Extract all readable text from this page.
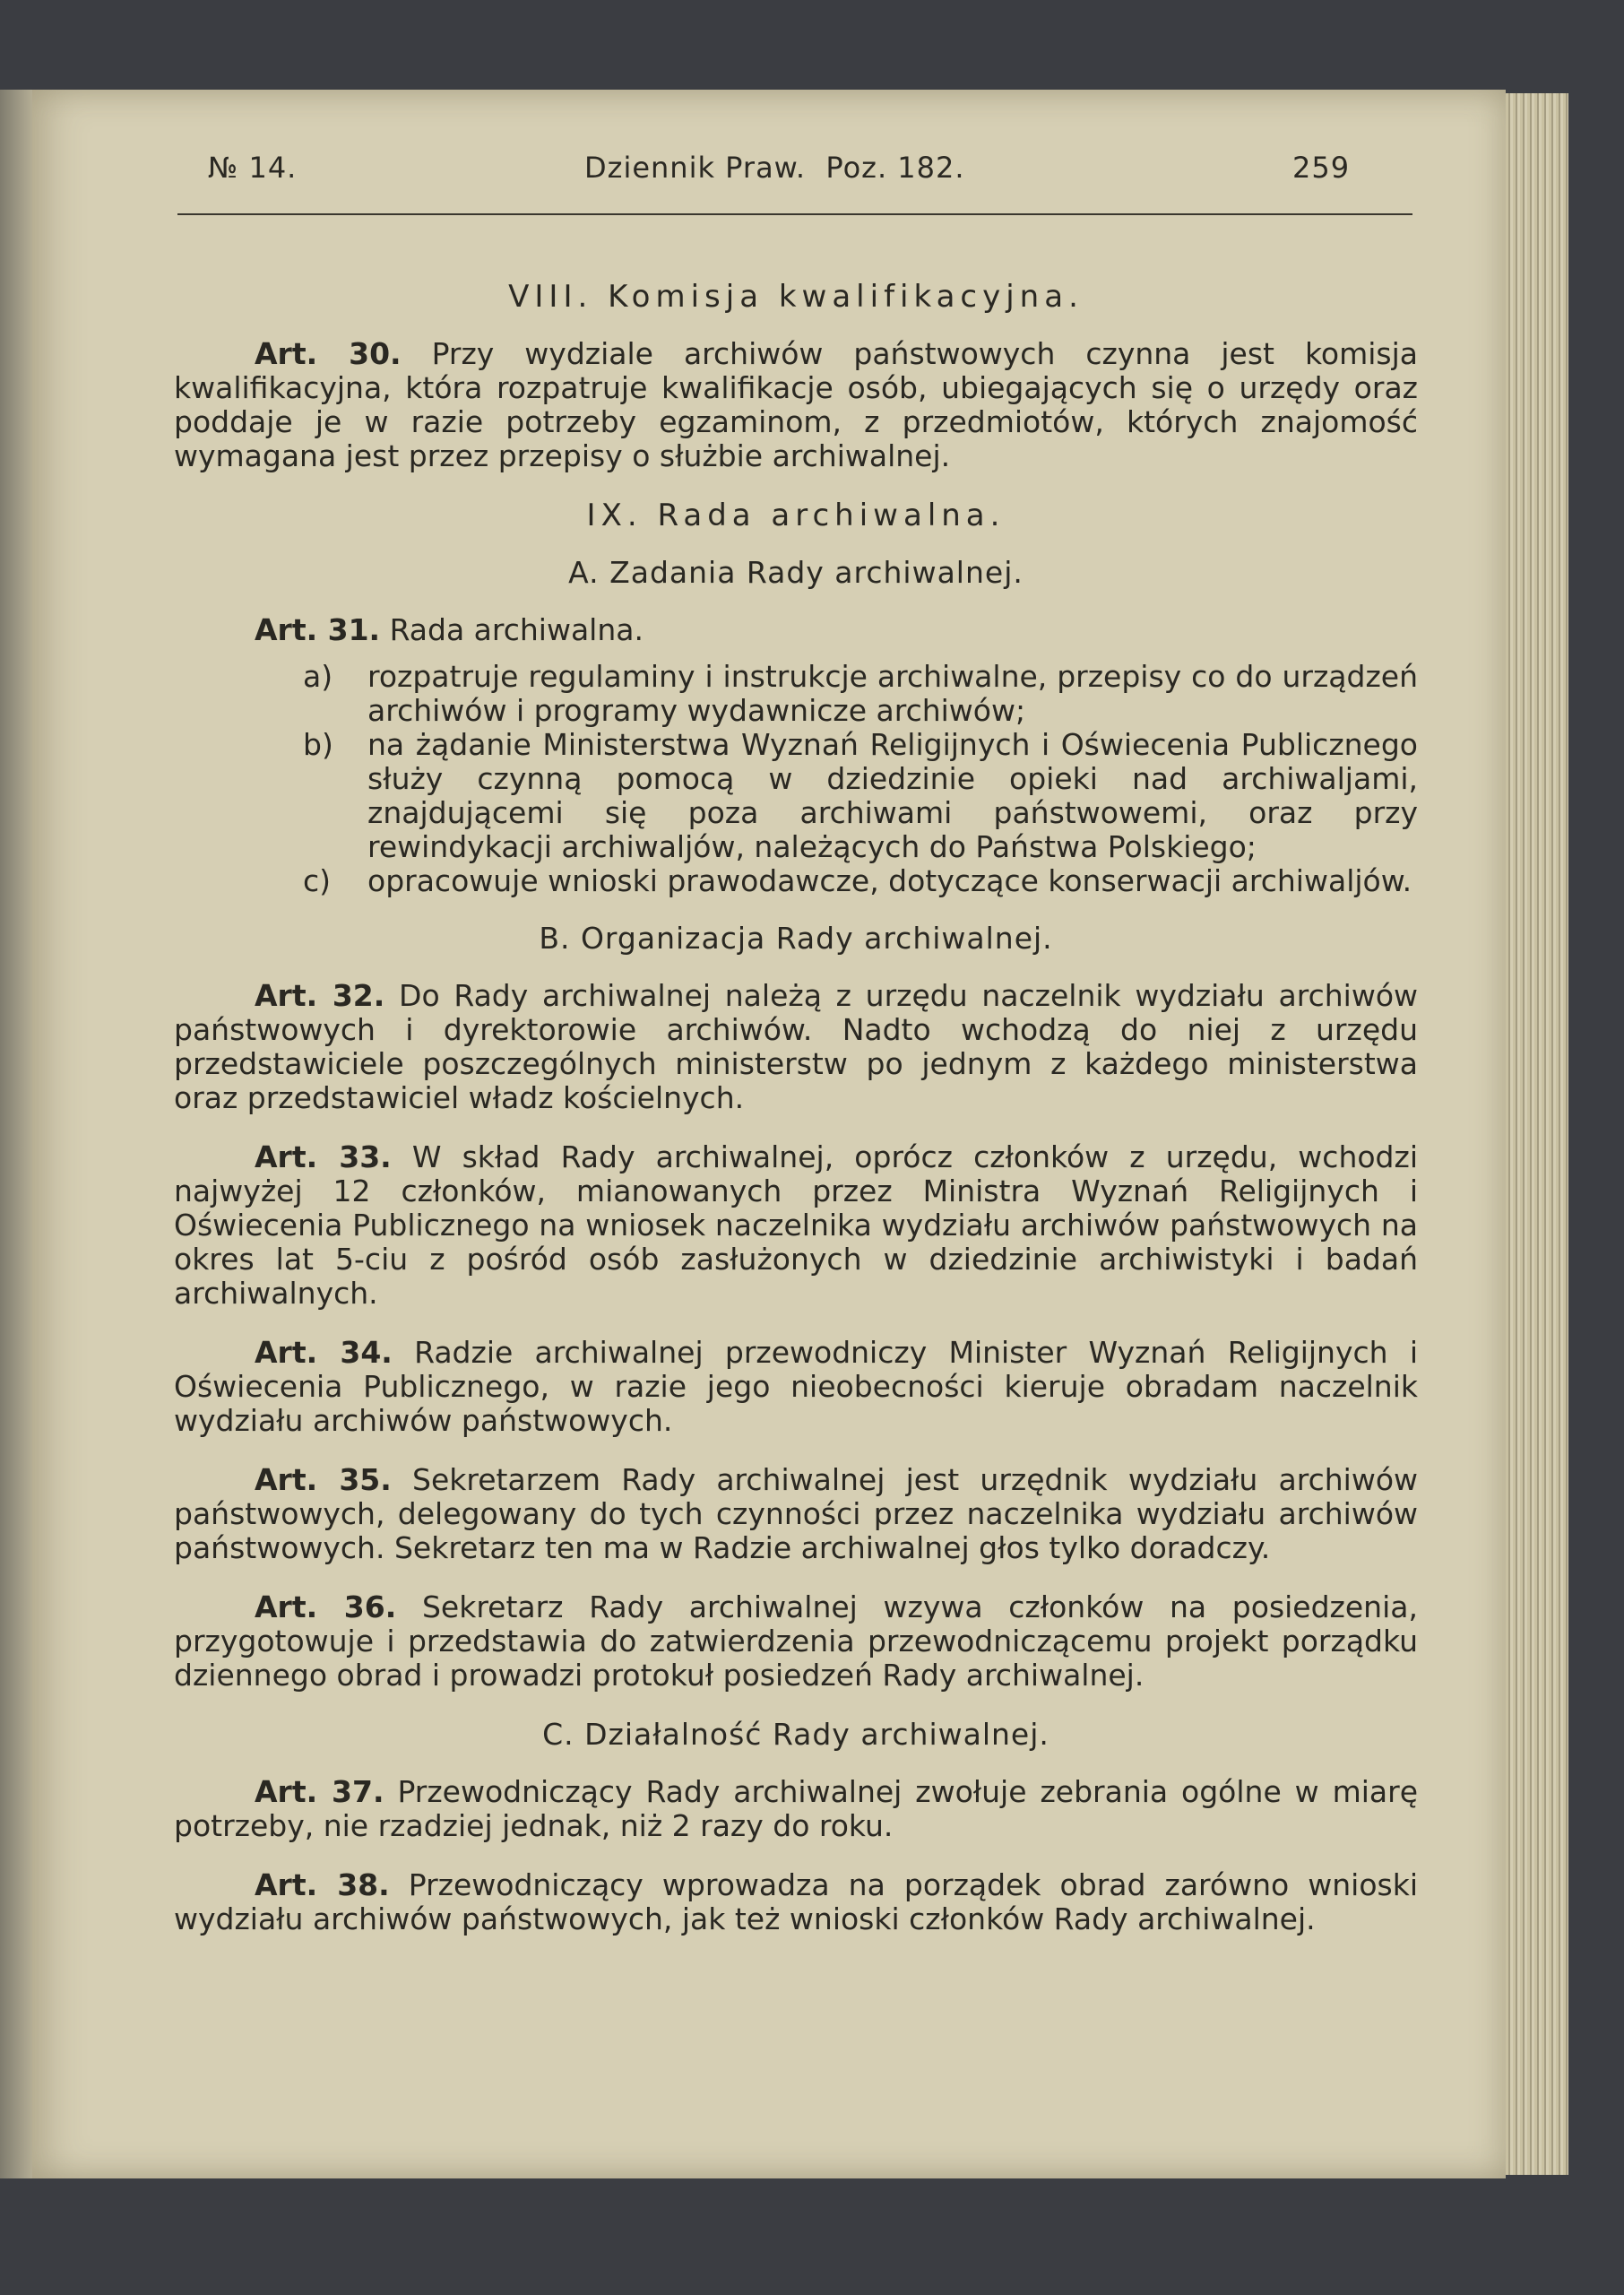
№ 14.	Dziennik Praw. Poz. 182.	259

VIII. Komisja kwalifikacyjna.

Art. 30. Przy wydziale archiwów państwowych czynna jest komisja kwalifikacyjna, która rozpatruje kwalifikacje osób, ubiegających się o urzędy oraz poddaje je w razie potrzeby egzaminom, z przedmiotów, których znajomość wymagana jest przez przepisy o służbie archiwalnej.

IX. Rada archiwalna.

A. Zadania Rady archiwalnej.

Art. 31. Rada archiwalna.

a) rozpatruje regulaminy i instrukcje archiwalne, przepisy co do urządzeń archiwów i programy wydawnicze archiwów;
b) na żądanie Ministerstwa Wyznań Religijnych i Oświecenia Publicznego służy czynną pomocą w dziedzinie opieki nad archiwaljami, znajdującemi się poza archiwami państwowemi, oraz przy rewindykacji archiwaljów, należących do Państwa Polskiego;
c) opracowuje wnioski prawodawcze, dotyczące konserwacji archiwaljów.

B. Organizacja Rady archiwalnej.

Art. 32. Do Rady archiwalnej należą z urzędu naczelnik wydziału archiwów państwowych i dyrektorowie archiwów. Nadto wchodzą do niej z urzędu przedstawiciele poszczególnych ministerstw po jednym z każdego ministerstwa oraz przedstawiciel władz kościelnych.

Art. 33. W skład Rady archiwalnej, oprócz członków z urzędu, wchodzi najwyżej 12 członków, mianowanych przez Ministra Wyznań Religijnych i Oświecenia Publicznego na wniosek naczelnika wydziału archiwów państwowych na okres lat 5-ciu z pośród osób zasłużonych w dziedzinie archiwistyki i badań archiwalnych.

Art. 34. Radzie archiwalnej przewodniczy Minister Wyznań Religijnych i Oświecenia Publicznego, w razie jego nieobecności kieruje obradam naczelnik wydziału archiwów państwowych.

Art. 35. Sekretarzem Rady archiwalnej jest urzędnik wydziału archiwów państwowych, delegowany do tych czynności przez naczelnika wydziału archiwów państwowych. Sekretarz ten ma w Radzie archiwalnej głos tylko doradczy.

Art. 36. Sekretarz Rady archiwalnej wzywa członków na posiedzenia, przygotowuje i przedstawia do zatwierdzenia przewodniczącemu projekt porządku dziennego obrad i prowadzi protokuł posiedzeń Rady archiwalnej.

C. Działalność Rady archiwalnej.

Art. 37. Przewodniczący Rady archiwalnej zwołuje zebrania ogólne w miarę potrzeby, nie rzadziej jednak, niż 2 razy do roku.

Art. 38. Przewodniczący wprowadza na porządek obrad zarówno wnioski wydziału archiwów państwowych, jak też wnioski członków Rady archiwalnej.
